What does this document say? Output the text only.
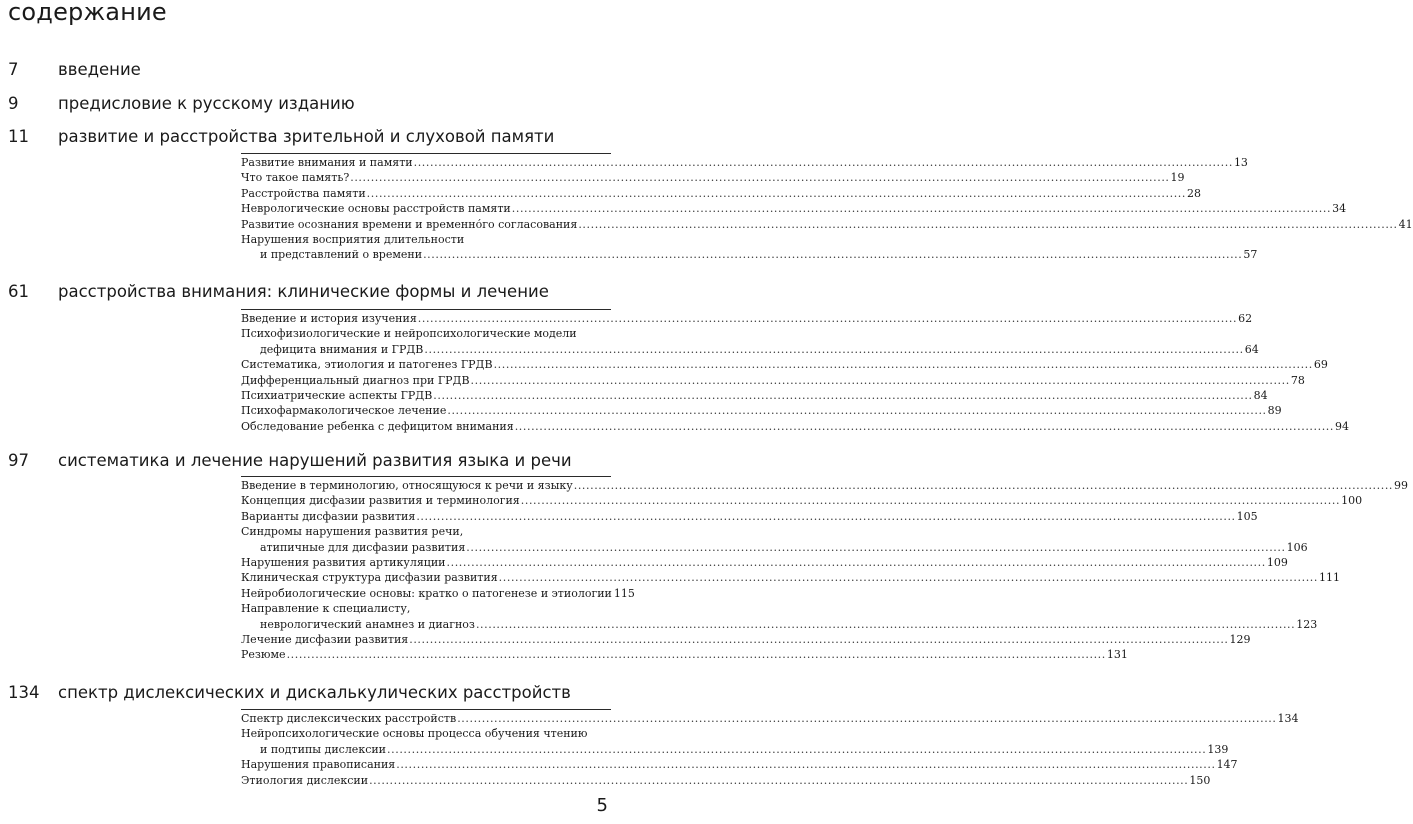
содержание
7 введение
9 предисловие к русскому изданию
11 развитие и расстройства зрительной и слуховой памяти
Развитие внимания и памяти .....	13
Что такое память? .....	19
Расстройства памяти .....	28
Неврологические основы расстройств памяти .....	34
Развитие осознания времени и временно́го согласования .....	41
Нарушения восприятия длительности
и представлений о времени .....	57
61 расстройства внимания: клинические формы и лечение
Введение и история изучения .....	62
Психофизиологические и нейропсихологические модели
дефицита внимания и ГРДВ .....	64
Систематика, этиология и патогенез ГРДВ .....	69
Дифференциальный диагноз при ГРДВ .....	78
Психиатрические аспекты ГРДВ .....	84
Психофармакологическое лечение .....	89
Обследование ребенка с дефицитом внимания .....	94
97 систематика и лечение нарушений развития языка и речи
Введение в терминологию, относящуюся к речи и языку .....	99
Концепция дисфазии развития и терминология .....	100
Варианты дисфазии развития .....	105
Синдромы нарушения развития речи,
атипичные для дисфазии развития .....	106
Нарушения развития артикуляции .....	109
Клиническая структура дисфазии развития .....	111
Нейробиологические основы: кратко о патогенезе и этиологии 115
Направление к специалисту,
неврологический анамнез и диагноз .....	123
Лечение дисфазии развития .....	129
Резюме .....	131
134 спектр дислексических и дискалькулических расстройств
Спектр дислексических расстройств .....	134
Нейропсихологические основы процесса обучения чтению
и подтипы дислексии .....	139
Нарушения правописания .....	147
Этиология дислексии .....	150
5
